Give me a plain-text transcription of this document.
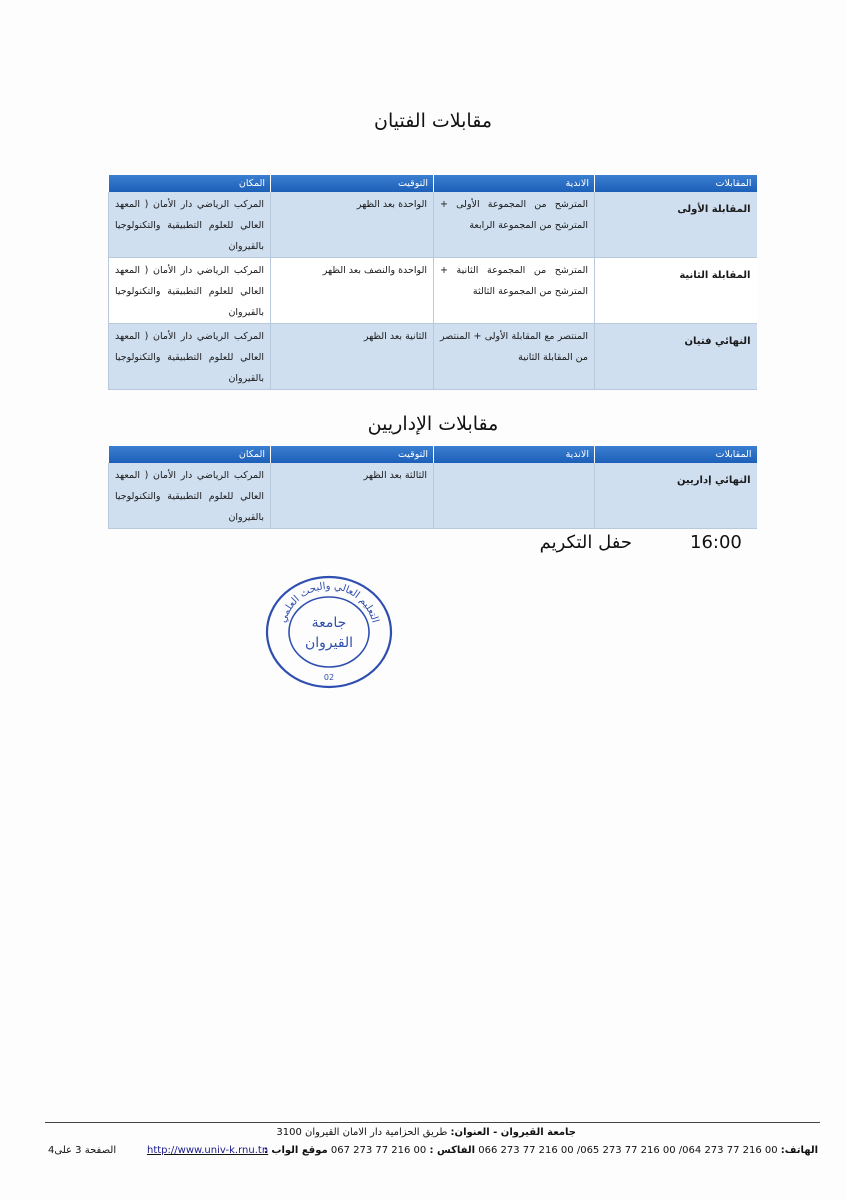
مقابلات الفتيان
المقابلات	الاندية	التوقيت	المكان
المقابلة الأولى	المترشح من المجموعة الأولى + المترشح من المجموعة الرابعة	الواحدة بعد الظهر	المركب الرياضي دار الأمان ( المعهد العالي للعلوم التطبيقية والتكنولوجيا بالقيروان
المقابلة الثانية	المترشح من المجموعة الثانية + المترشح من المجموعة الثالثة	الواحدة والنصف بعد الظهر	المركب الرياضي دار الأمان ( المعهد العالي للعلوم التطبيقية والتكنولوجيا بالقيروان
النهائي فتيان	المنتصر مع المقابلة الأولى + المنتصر من المقابلة الثانية	الثانية بعد الظهر	المركب الرياضي دار الأمان ( المعهد العالي للعلوم التطبيقية والتكنولوجيا بالقيروان
مقابلات الإداريين
المقابلات	الاندية	التوقيت	المكان
النهائي إداريين		الثالثة بعد الظهر	المركب الرياضي دار الأمان ( المعهد العالي للعلوم التطبيقية والتكنولوجيا بالقيروان
16:00
حفل التكريم
التعليم العالي والبحث العلمي
جامعة
القيروان
02
جامعة القيروان - العنوان: طريق الحزامية دار الامان القيروان 3100
الهاتف: 066 273 77 216 00 /065 273 77 216 00 /064 273 77 216 00 الفاكس : 067 273 77 216 00 موقع الواب :
http://www.univ-k.rnu.tn
الصفحة 3 على4
